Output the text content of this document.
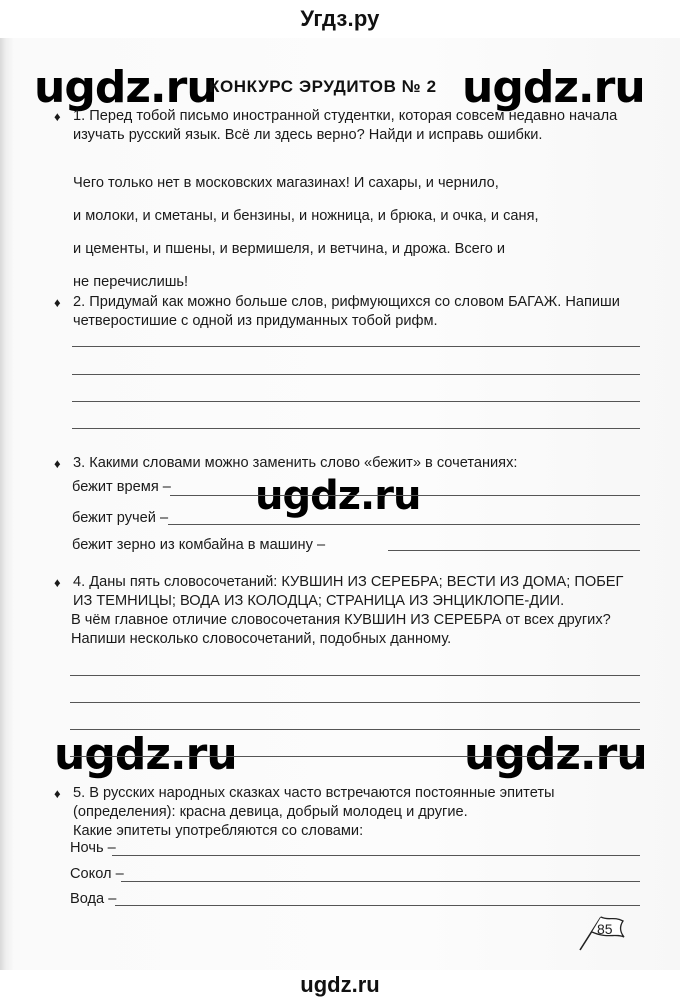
Угдз.ру
ugdz.ru	ugdz.ru
ugdz.ru
ugdz.ru	ugdz.ru
КОНКУРС ЭРУДИТОВ № 2
♦ 1. Перед тобой письмо иностранной студентки, которая совсем недавно начала изучать русский язык. Всё ли здесь верно? Найди и исправь ошибки.
Чего только нет в московских магазинах! И сахары, и чернило,
и молоки, и сметаны, и бензины, и ножница, и брюка, и очка, и саня,
и цементы, и пшены, и вермишеля, и ветчина, и дрожа. Всего и
не перечислишь!
♦ 2. Придумай как можно больше слов, рифмующихся со словом БАГАЖ. Напиши четверостишие с одной из придуманных тобой рифм.
♦ 3. Какими словами можно заменить слово «бежит» в сочетаниях:
бежит время –
бежит ручей –
бежит зерно из комбайна в машину –
♦ 4. Даны пять словосочетаний: КУВШИН ИЗ СЕРЕБРА; ВЕСТИ ИЗ ДОМА; ПОБЕГ ИЗ ТЕМНИЦЫ; ВОДА ИЗ КОЛОДЦА; СТРАНИЦА ИЗ ЭНЦИКЛОПЕ-ДИИ.
В чём главное отличие словосочетания КУВШИН ИЗ СЕРЕБРА от всех других? Напиши несколько словосочетаний, подобных данному.
♦ 5. В русских народных сказках часто встречаются постоянные эпитеты (определения): красна девица, добрый молодец и другие.
Какие эпитеты употребляются со словами:
Ночь –
Сокол –
Вода –
85
ugdz.ru
